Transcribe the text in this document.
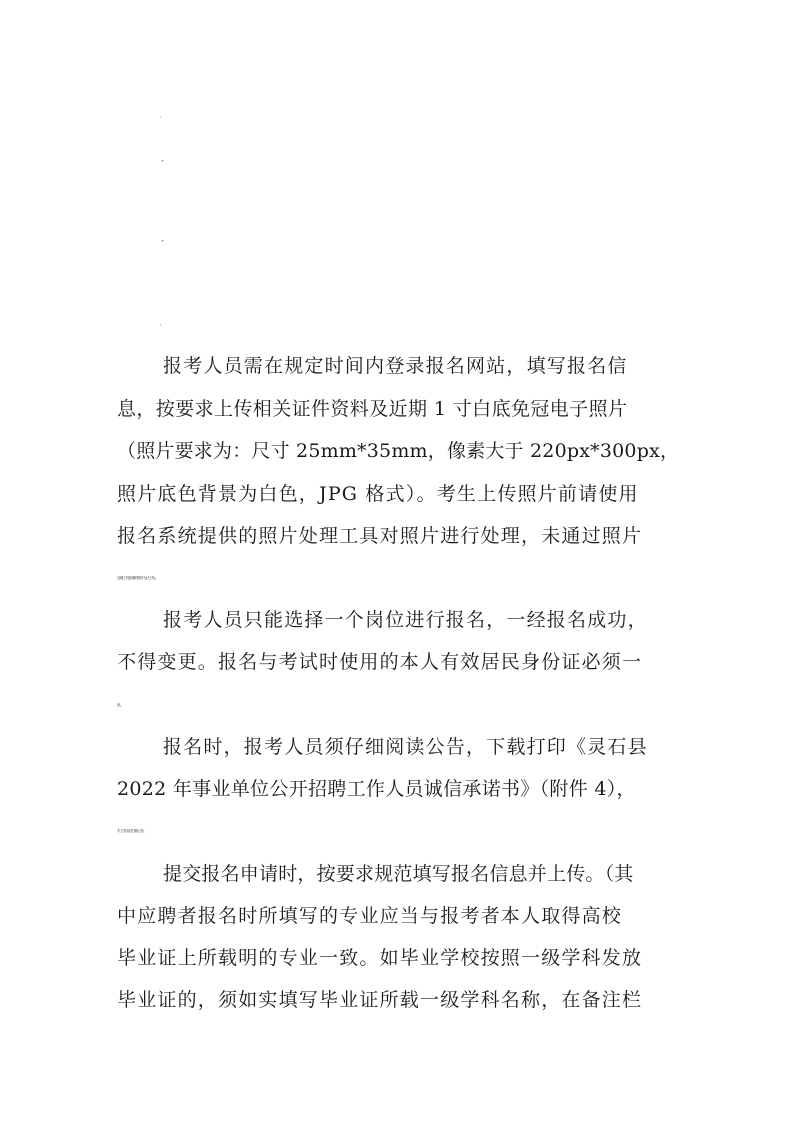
报考人员需在规定时间内登录报名网站，填写报名信
息，按要求上传相关证件资料及近期 1 寸白底免冠电子照片
（照片要求为：尺寸 25mm*35mm，像素大于 220px*300px，
照片底色背景为白色，JPG 格式）。考生上传照片前请使用
报名系统提供的照片处理工具对照片进行处理，未通过照片
处理工具处理的照片无法上传。
报考人员只能选择一个岗位进行报名，一经报名成功，
不得变更。报名与考试时使用的本人有效居民身份证必须一
致。
报名时，报考人员须仔细阅读公告，下载打印《灵石县
2022 年事业单位公开招聘工作人员诚信承诺书》（附件 4），
手工签名后扫描上传。
提交报名申请时，按要求规范填写报名信息并上传。（其
中应聘者报名时所填写的专业应当与报考者本人取得高校
毕业证上所载明的专业一致。如毕业学校按照一级学科发放
毕业证的，须如实填写毕业证所载一级学科名称，在备注栏
